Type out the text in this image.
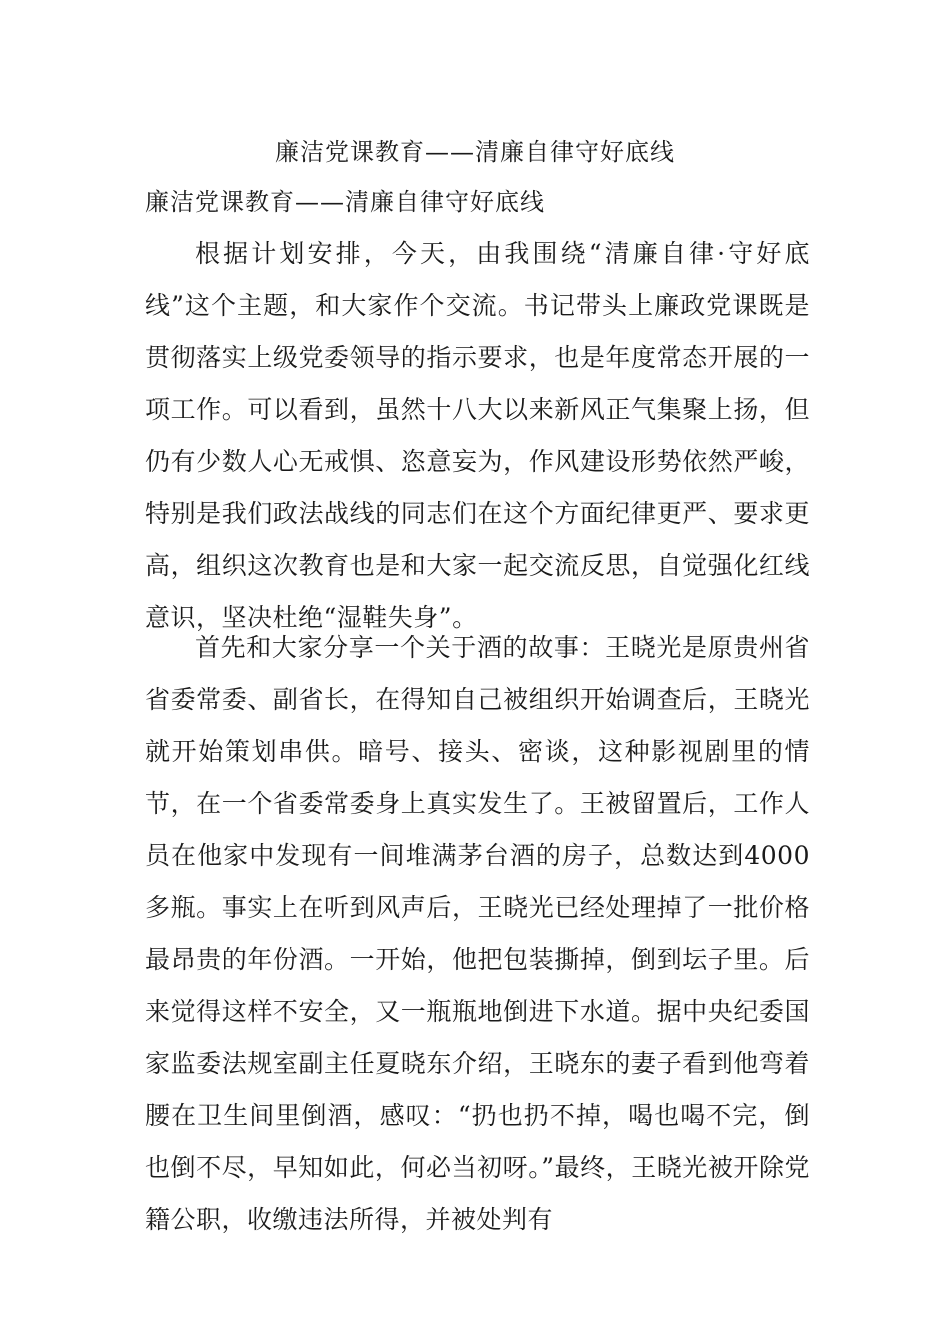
廉洁党课教育——清廉自律守好底线
廉洁党课教育——清廉自律守好底线

根据计划安排，今天，由我围绕“清廉自律·守好底线”这个主题，和大家作个交流。书记带头上廉政党课既是贯彻落实上级党委领导的指示要求，也是年度常态开展的一项工作。可以看到，虽然十八大以来新风正气集聚上扬，但仍有少数人心无戒惧、恣意妄为，作风建设形势依然严峻，特别是我们政法战线的同志们在这个方面纪律更严、要求更高，组织这次教育也是和大家一起交流反思，自觉强化红线意识，坚决杜绝“湿鞋失身”。

首先和大家分享一个关于酒的故事：王晓光是原贵州省省委常委、副省长，在得知自己被组织开始调查后，王晓光就开始策划串供。暗号、接头、密谈，这种影视剧里的情节，在一个省委常委身上真实发生了。王被留置后，工作人员在他家中发现有一间堆满茅台酒的房子，总数达到4000多瓶。事实上在听到风声后，王晓光已经处理掉了一批价格最昂贵的年份酒。一开始，他把包装撕掉，倒到坛子里。后来觉得这样不安全，又一瓶瓶地倒进下水道。据中央纪委国家监委法规室副主任夏晓东介绍，王晓东的妻子看到他弯着腰在卫生间里倒酒，感叹：“扔也扔不掉，喝也喝不完，倒也倒不尽，早知如此，何必当初呀。”最终，王晓光被开除党籍公职，收缴违法所得，并被处判有
